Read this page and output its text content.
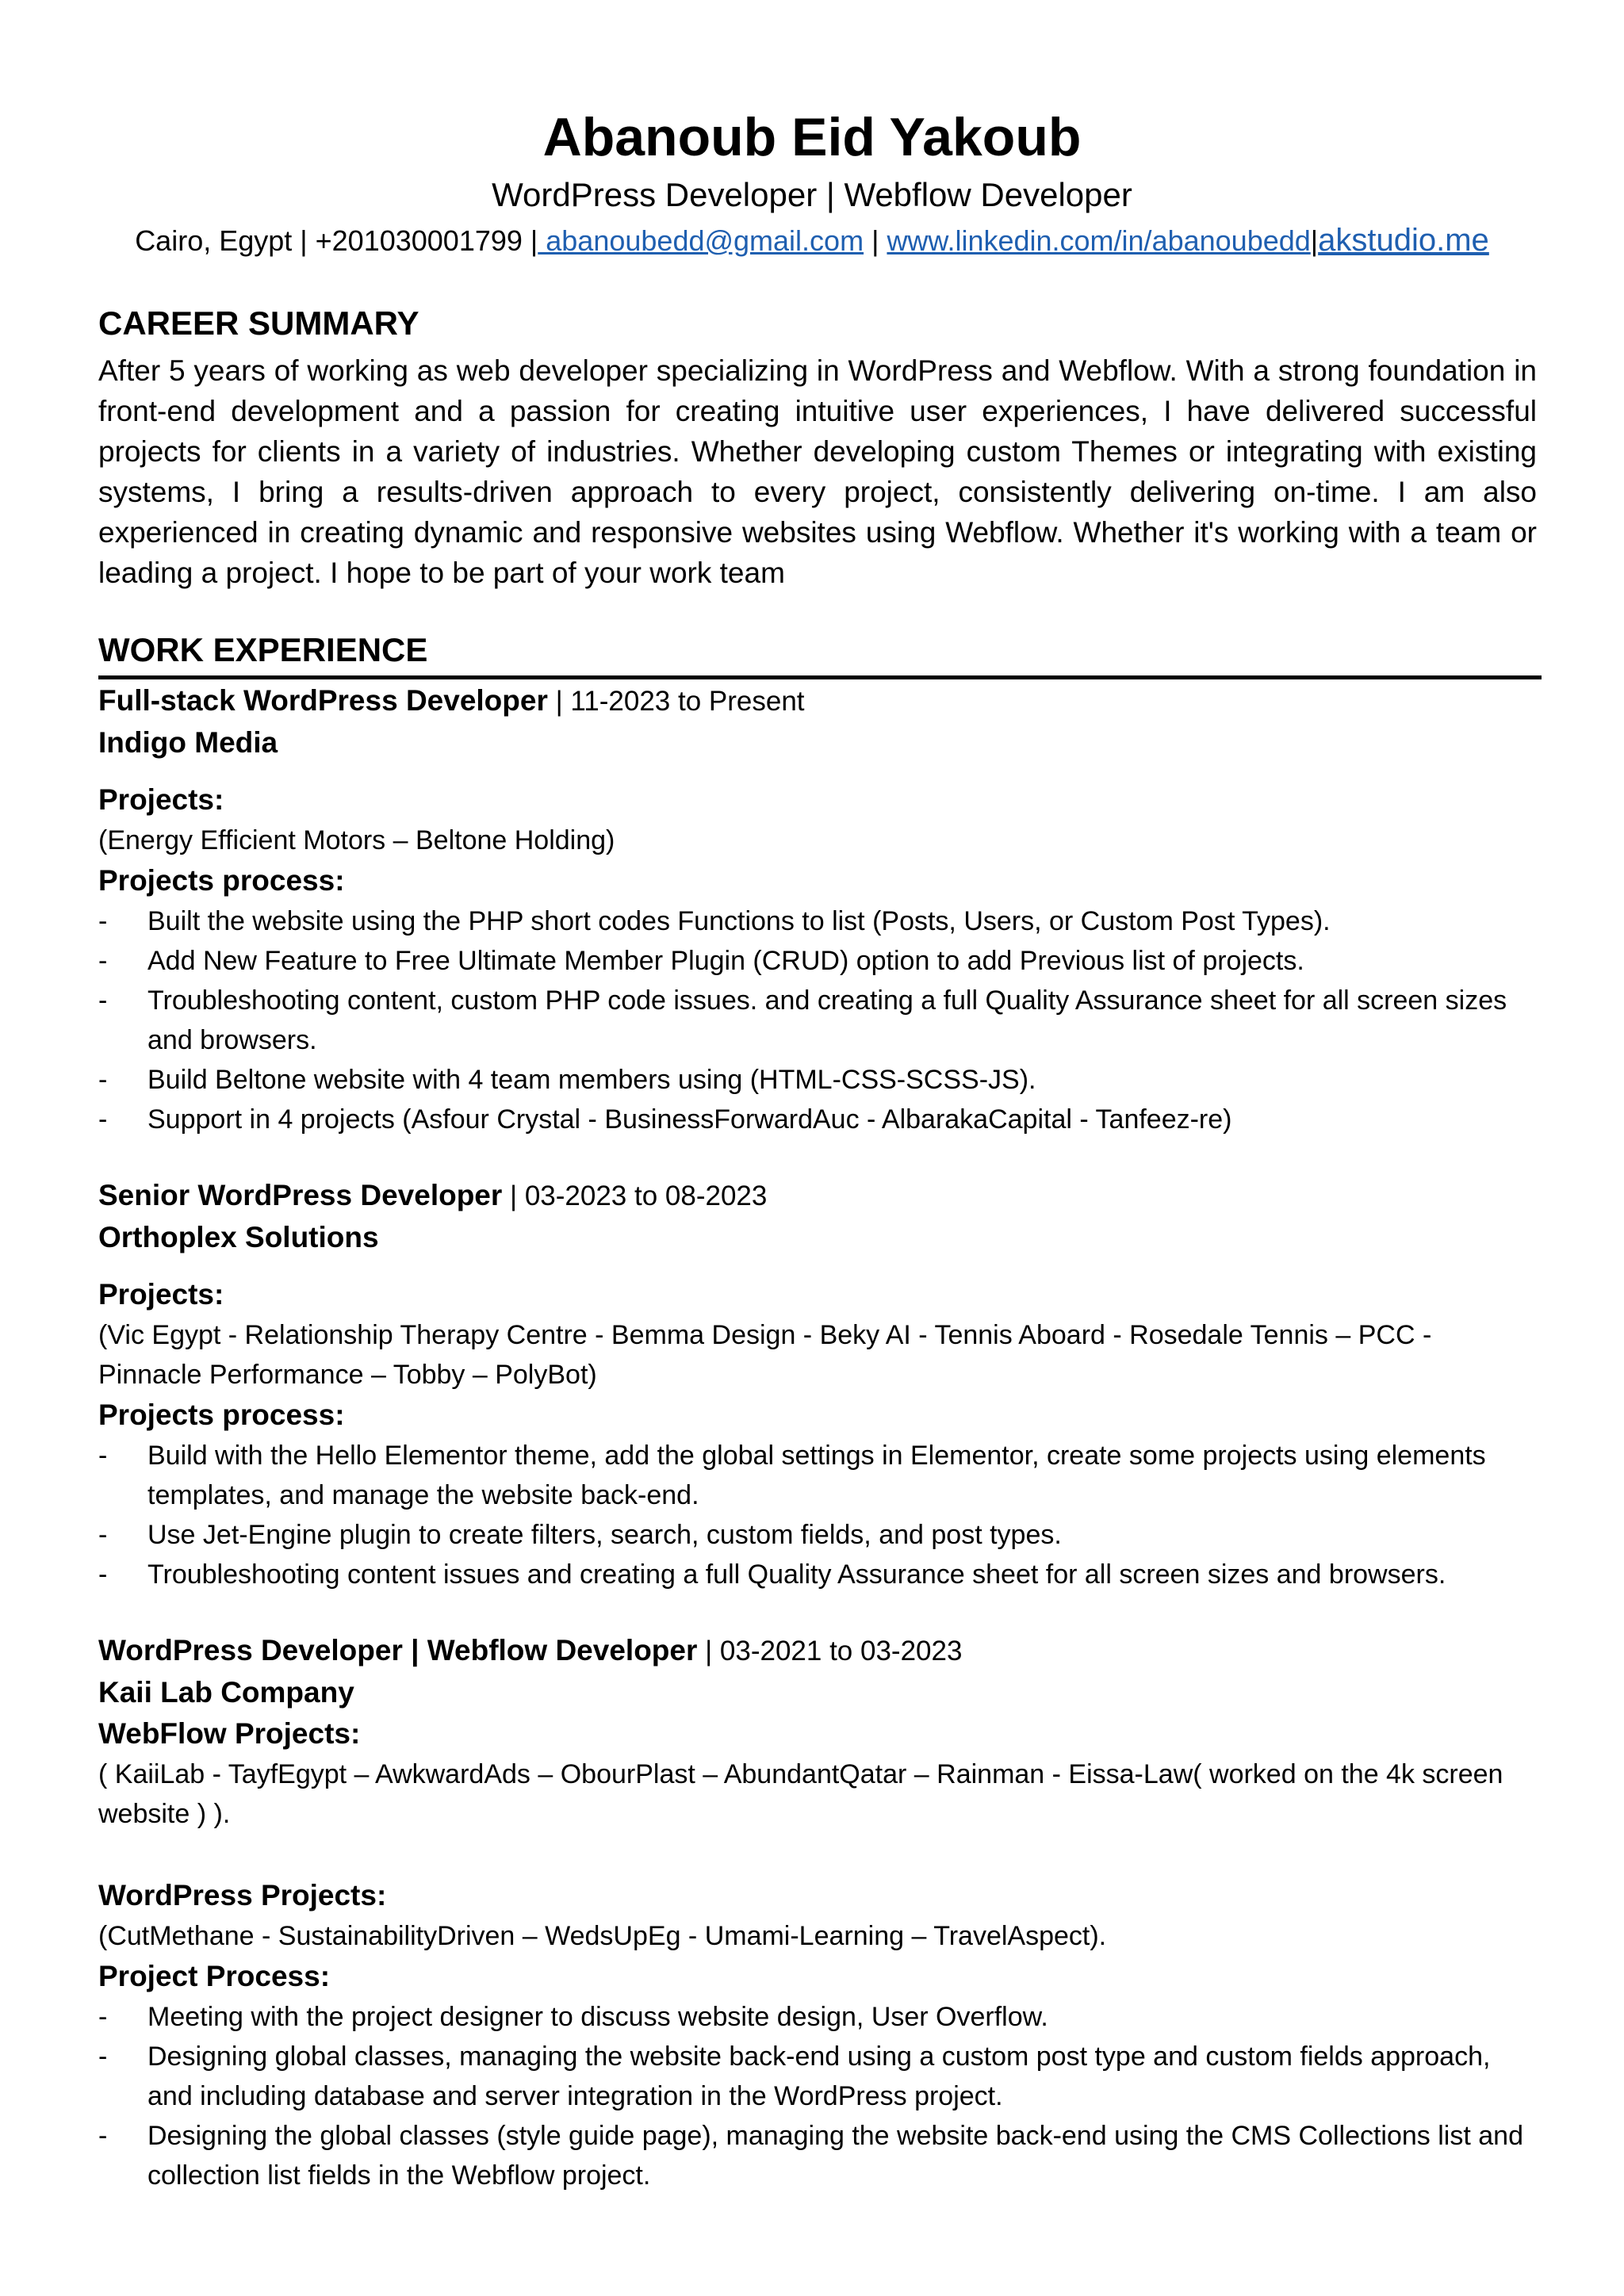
Abanoub Eid Yakoub
WordPress Developer | Webflow Developer
Cairo, Egypt | +201030001799 | abanoubedd@gmail.com | www.linkedin.com/in/abanoubedd|akstudio.me
CAREER SUMMARY

After 5 years of working as web developer specializing in WordPress and Webflow. With a strong foundation in front-end development and a passion for creating intuitive user experiences, I have delivered successful projects for clients in a variety of industries. Whether developing custom Themes or integrating with existing systems, I bring a results-driven approach to every project, consistently delivering on-time. I am also experienced in creating dynamic and responsive websites using Webflow. Whether it's working with a team or leading a project. I hope to be part of your work team

WORK EXPERIENCE
Full-stack WordPress Developer | 11-2023 to Present
Indigo Media
Projects:
(Energy Efficient Motors – Beltone Holding)
Projects process:
- Built the website using the PHP short codes Functions to list (Posts, Users, or Custom Post Types).
- Add New Feature to Free Ultimate Member Plugin (CRUD) option to add Previous list of projects.
- Troubleshooting content, custom PHP code issues. and creating a full Quality Assurance sheet for all screen sizes and browsers.
- Build Beltone website with 4 team members using (HTML-CSS-SCSS-JS).
- Support in 4 projects (Asfour Crystal - BusinessForwardAuc - AlbarakaCapital - Tanfeez-re)
Senior WordPress Developer | 03-2023 to 08-2023
Orthoplex Solutions
Projects:
(Vic Egypt - Relationship Therapy Centre - Bemma Design - Beky AI - Tennis Aboard - Rosedale Tennis – PCC - Pinnacle Performance – Tobby – PolyBot)
Projects process:
- Build with the Hello Elementor theme, add the global settings in Elementor, create some projects using elements templates, and manage the website back-end.
- Use Jet-Engine plugin to create filters, search, custom fields, and post types.
- Troubleshooting content issues and creating a full Quality Assurance sheet for all screen sizes and browsers.
WordPress Developer | Webflow Developer | 03-2021 to 03-2023
Kaii Lab Company
WebFlow Projects:
( KaiiLab - TayfEgypt – AwkwardAds – ObourPlast – AbundantQatar – Rainman - Eissa-Law( worked on the 4k screen website ) ).
WordPress Projects:
(CutMethane - SustainabilityDriven – WedsUpEg - Umami-Learning – TravelAspect).
Project Process:
- Meeting with the project designer to discuss website design, User Overflow.
- Designing global classes, managing the website back-end using a custom post type and custom fields approach, and including database and server integration in the WordPress project.
- Designing the global classes (style guide page), managing the website back-end using the CMS Collections list and collection list fields in the Webflow project.
